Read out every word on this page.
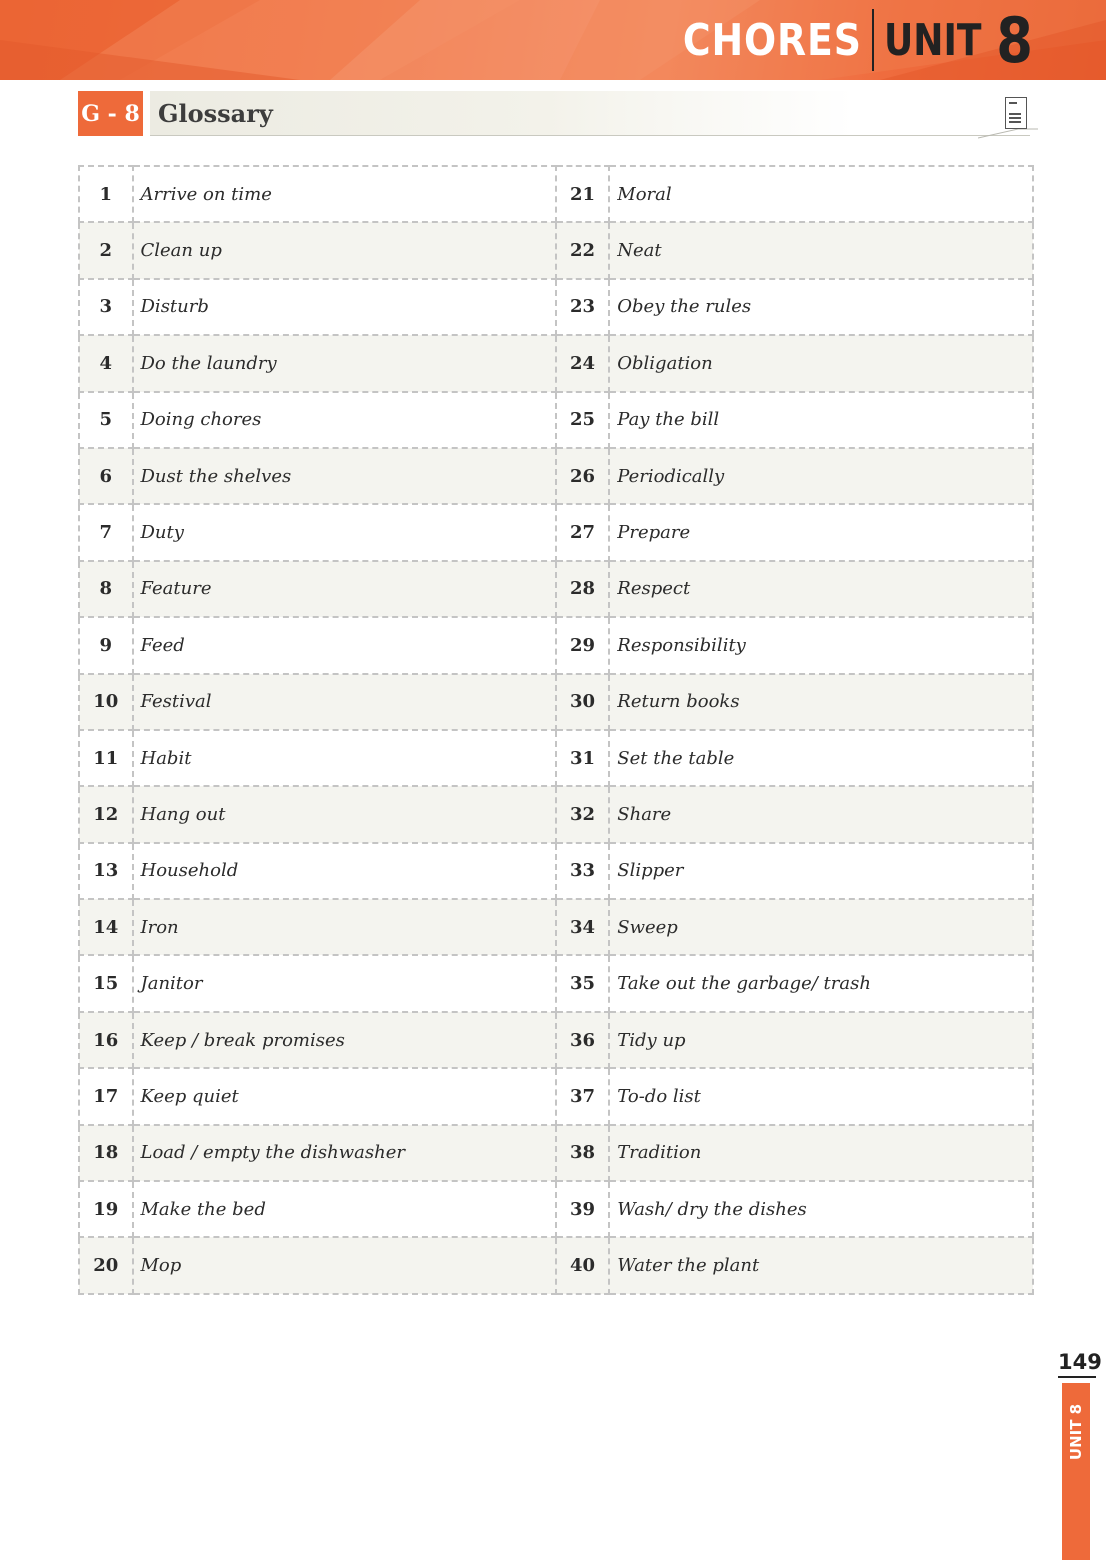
CHORES UNIT 8
G - 8 Glossary
1	Arrive on time	21	Moral
2	Clean up	22	Neat
3	Disturb	23	Obey the rules
4	Do the laundry	24	Obligation
5	Doing chores	25	Pay the bill
6	Dust the shelves	26	Periodically
7	Duty	27	Prepare
8	Feature	28	Respect
9	Feed	29	Responsibility
10	Festival	30	Return books
11	Habit	31	Set the table
12	Hang out	32	Share
13	Household	33	Slipper
14	Iron	34	Sweep
15	Janitor	35	Take out the garbage/ trash
16	Keep / break promises	36	Tidy up
17	Keep quiet	37	To-do list
18	Load / empty the dishwasher	38	Tradition
19	Make the bed	39	Wash/ dry the dishes
20	Mop	40	Water the plant
149
UNIT 8
